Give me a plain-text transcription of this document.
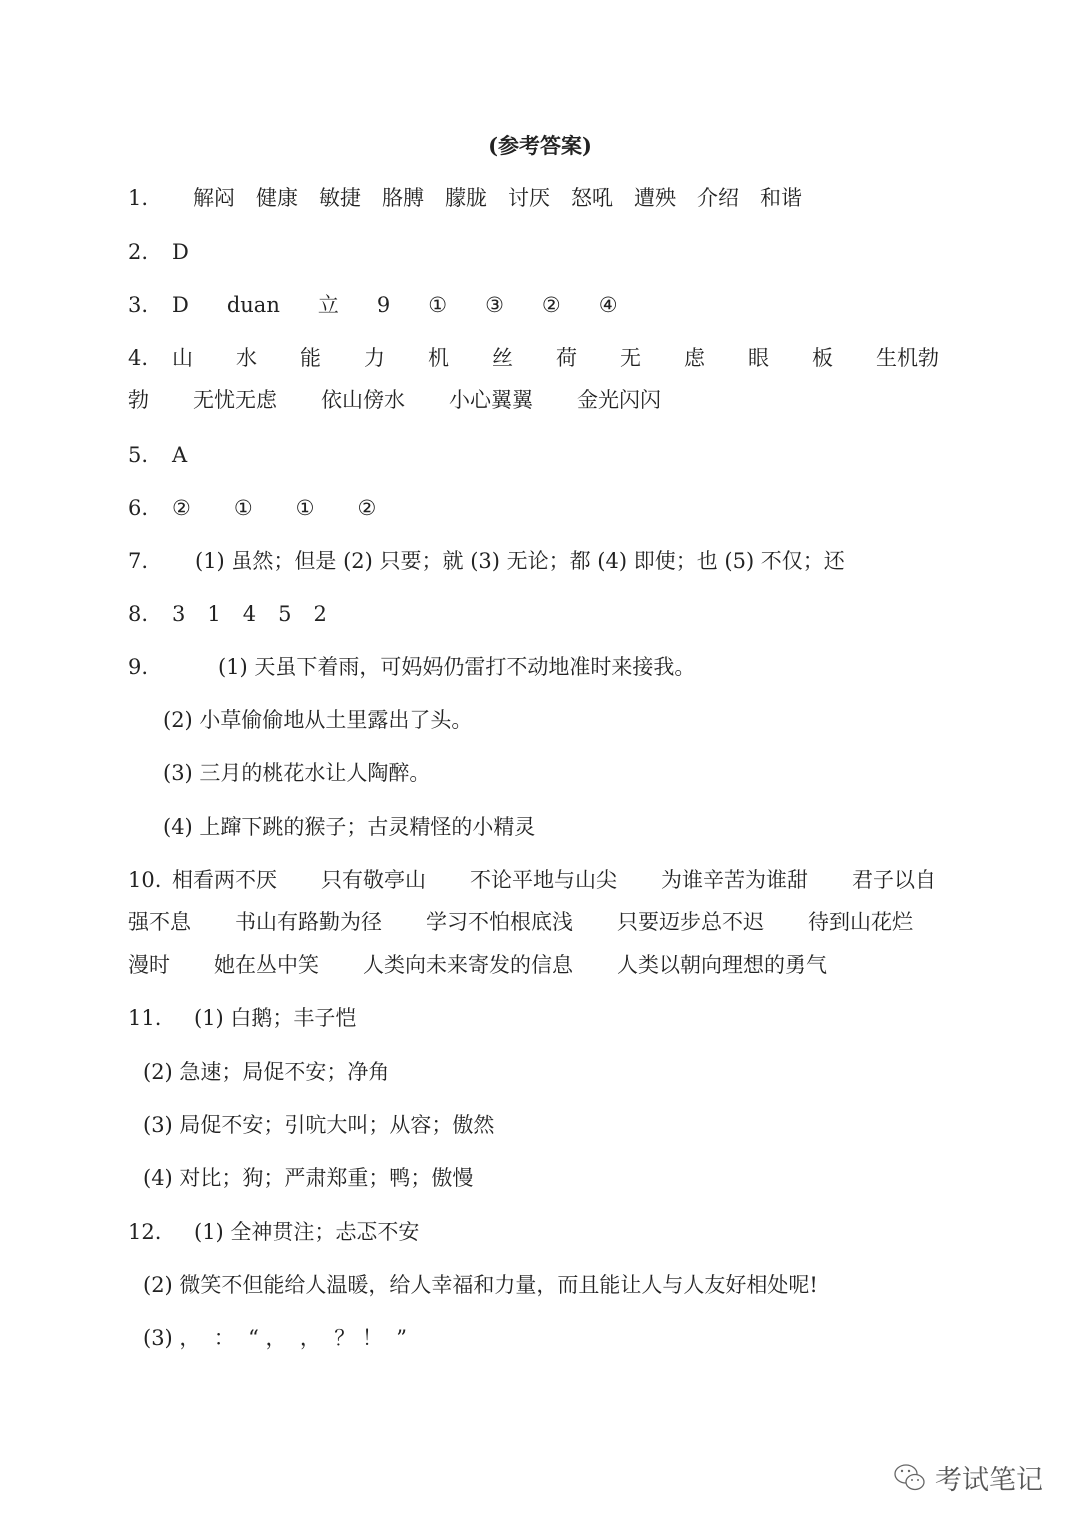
(参考答案)
1.	解闷 健康 敏捷 胳膊 朦胧 讨厌 怒吼 遭殃 介绍 和谐
2.	D
3.	D duan 立 9 ① ③ ② ④
4.	山 水 能 力 机 丝 荷 无 虑 眼 板 生机勃
勃 无忧无虑 依山傍水 小心翼翼 金光闪闪
5.	A
6.	② ① ① ②
7.	(1) 虽然；但是 (2) 只要；就 (3) 无论；都 (4) 即使；也 (5) 不仅；还
8.	3 1 4 5 2
9.	(1) 天虽下着雨，可妈妈仍雷打不动地准时来接我。
(2) 小草偷偷地从土里露出了头。
(3) 三月的桃花水让人陶醉。
(4) 上蹿下跳的猴子；古灵精怪的小精灵
10. 相看两不厌 只有敬亭山 不论平地与山尖 为谁辛苦为谁甜 君子以自
强不息 书山有路勤为径 学习不怕根底浅 只要迈步总不迟 待到山花烂
漫时 她在丛中笑 人类向未来寄发的信息 人类以朝向理想的勇气
11.	(1) 白鹅；丰子恺
(2) 急速；局促不安；净角
(3) 局促不安；引吭大叫；从容；傲然
(4) 对比；狗；严肃郑重；鸭；傲慢
12.	(1) 全神贯注；忐忑不安
(2) 微笑不但能给人温暖，给人幸福和力量，而且能让人与人友好相处呢!
(3) ，  ：  “ ，  ，  ？ ！  ”
考试笔记
